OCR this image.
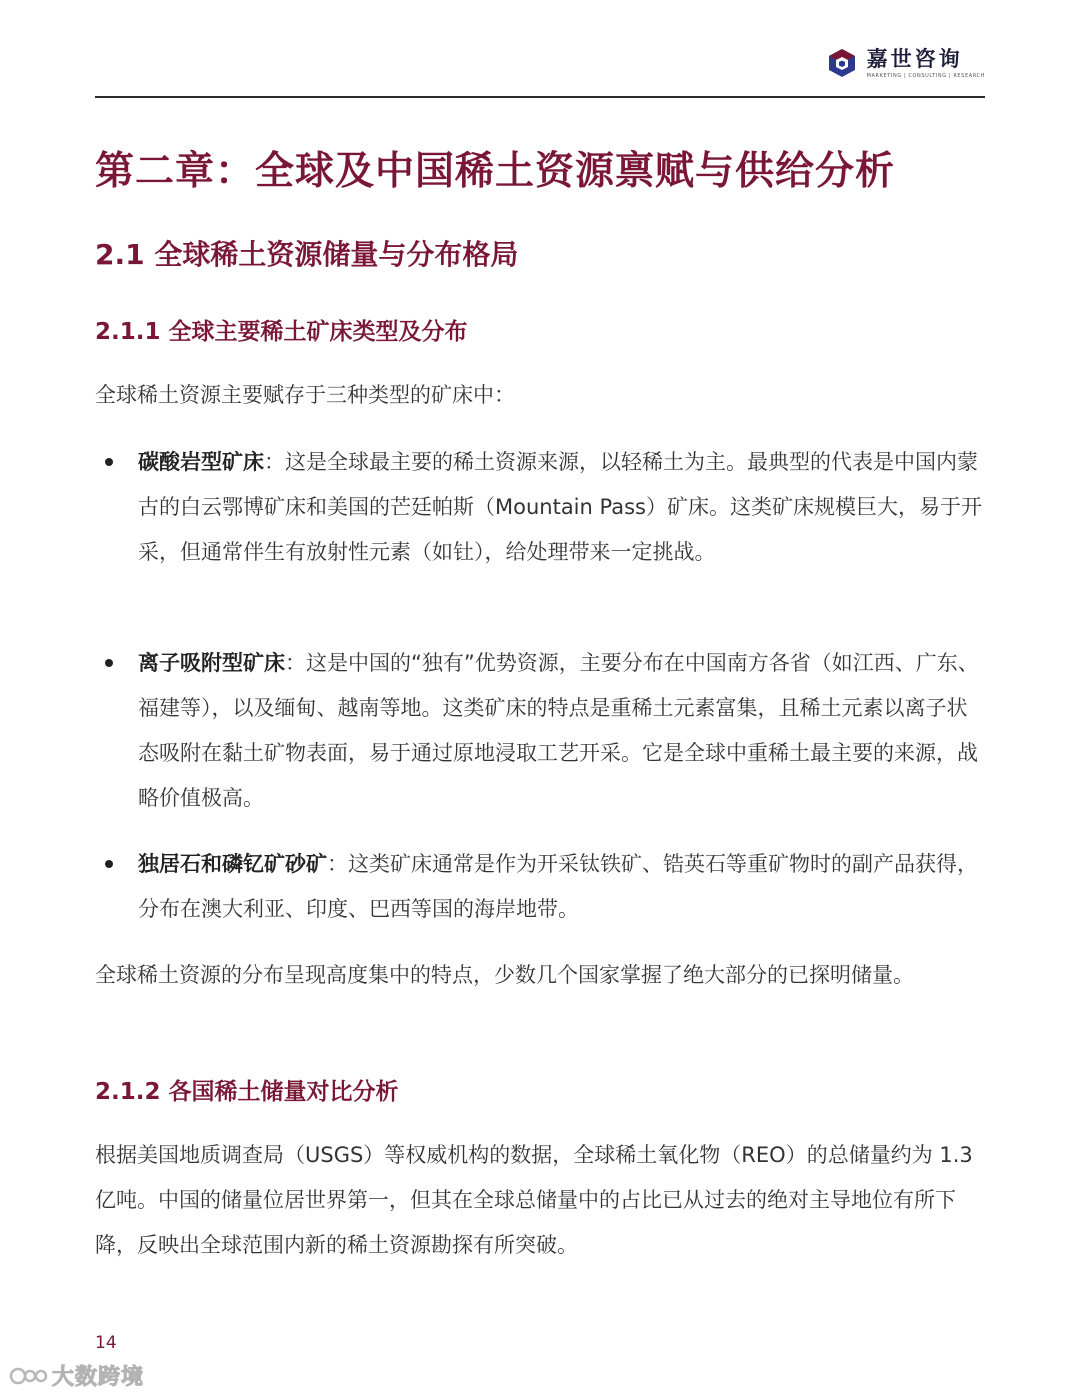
嘉世咨询
MARKETING | CONSULTING | RESEARCH
第二章：全球及中国稀土资源禀赋与供给分析
2.1 全球稀土资源储量与分布格局
2.1.1 全球主要稀土矿床类型及分布

全球稀土资源主要赋存于三种类型的矿床中：

碳酸岩型矿床：这是全球最主要的稀土资源来源，以轻稀土为主。最典型的代表是中国内蒙古的白云鄂博矿床和美国的芒廷帕斯（Mountain Pass）矿床。这类矿床规模巨大，易于开采，但通常伴生有放射性元素（如钍），给处理带来一定挑战。
离子吸附型矿床：这是中国的“独有”优势资源，主要分布在中国南方各省（如江西、广东、福建等），以及缅甸、越南等地。这类矿床的特点是重稀土元素富集，且稀土元素以离子状态吸附在黏土矿物表面，易于通过原地浸取工艺开采。它是全球中重稀土最主要的来源，战略价值极高。
独居石和磷钇矿砂矿：这类矿床通常是作为开采钛铁矿、锆英石等重矿物时的副产品获得，分布在澳大利亚、印度、巴西等国的海岸地带。

全球稀土资源的分布呈现高度集中的特点，少数几个国家掌握了绝大部分的已探明储量。

2.1.2 各国稀土储量对比分析

根据美国地质调查局（USGS）等权威机构的数据，全球稀土氧化物（REO）的总储量约为 1.3 亿吨。中国的储量位居世界第一，但其在全球总储量中的占比已从过去的绝对主导地位有所下降，反映出全球范围内新的稀土资源勘探有所突破。

14
大数跨境
